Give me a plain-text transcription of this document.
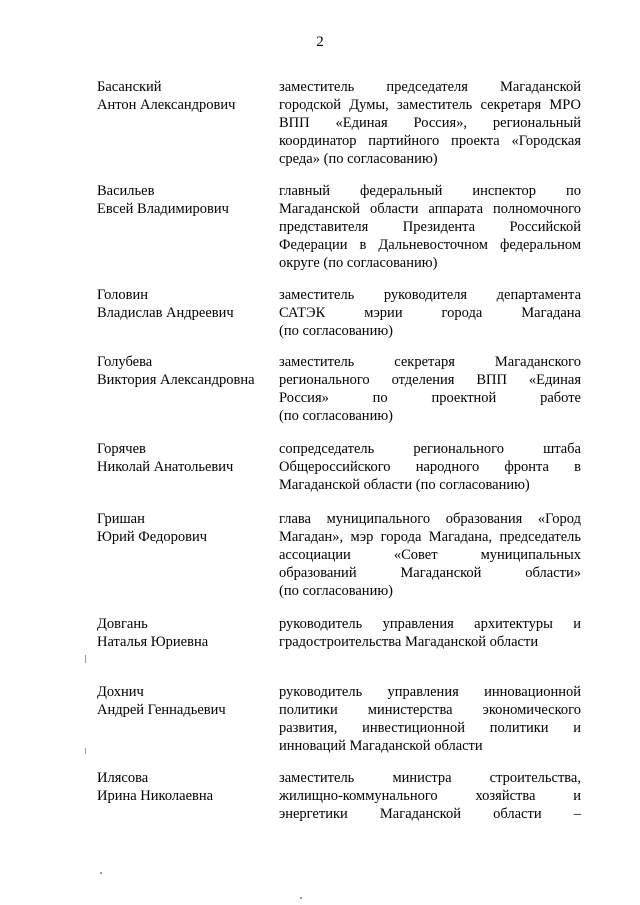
2
Басанский
Антон Александрович
заместитель председателя Магаданской
городской Думы, заместитель секретаря МРО
ВПП «Единая Россия», региональный
координатор партийного проекта «Городская
среда» (по согласованию)
Васильев
Евсей Владимирович
главный федеральный инспектор по
Магаданской области аппарата полномочного
представителя Президента Российской
Федерации в Дальневосточном федеральном
округе (по согласованию)
Головин
Владислав Андреевич
заместитель руководителя департамента
САТЭК мэрии города Магадана
(по согласованию)
Голубева
Виктория Александровна
заместитель секретаря Магаданского
регионального отделения ВПП «Единая
Россия» по проектной работе
(по согласованию)
Горячев
Николай Анатольевич
сопредседатель регионального штаба
Общероссийского народного фронта в
Магаданской области (по согласованию)
Гришан
Юрий Федорович
глава муниципального образования «Город
Магадан», мэр города Магадана, председатель
ассоциации «Совет муниципальных
образований Магаданской области»
(по согласованию)
Довгань
Наталья Юриевна
руководитель управления архитектуры и
градостроительства Магаданской области
Дохнич
Андрей Геннадьевич
руководитель управления инновационной
политики министерства экономического
развития, инвестиционной политики и
инноваций Магаданской области
Илясова
Ирина Николаевна
заместитель министра строительства,
жилищно-коммунального хозяйства и
энергетики Магаданской области –
